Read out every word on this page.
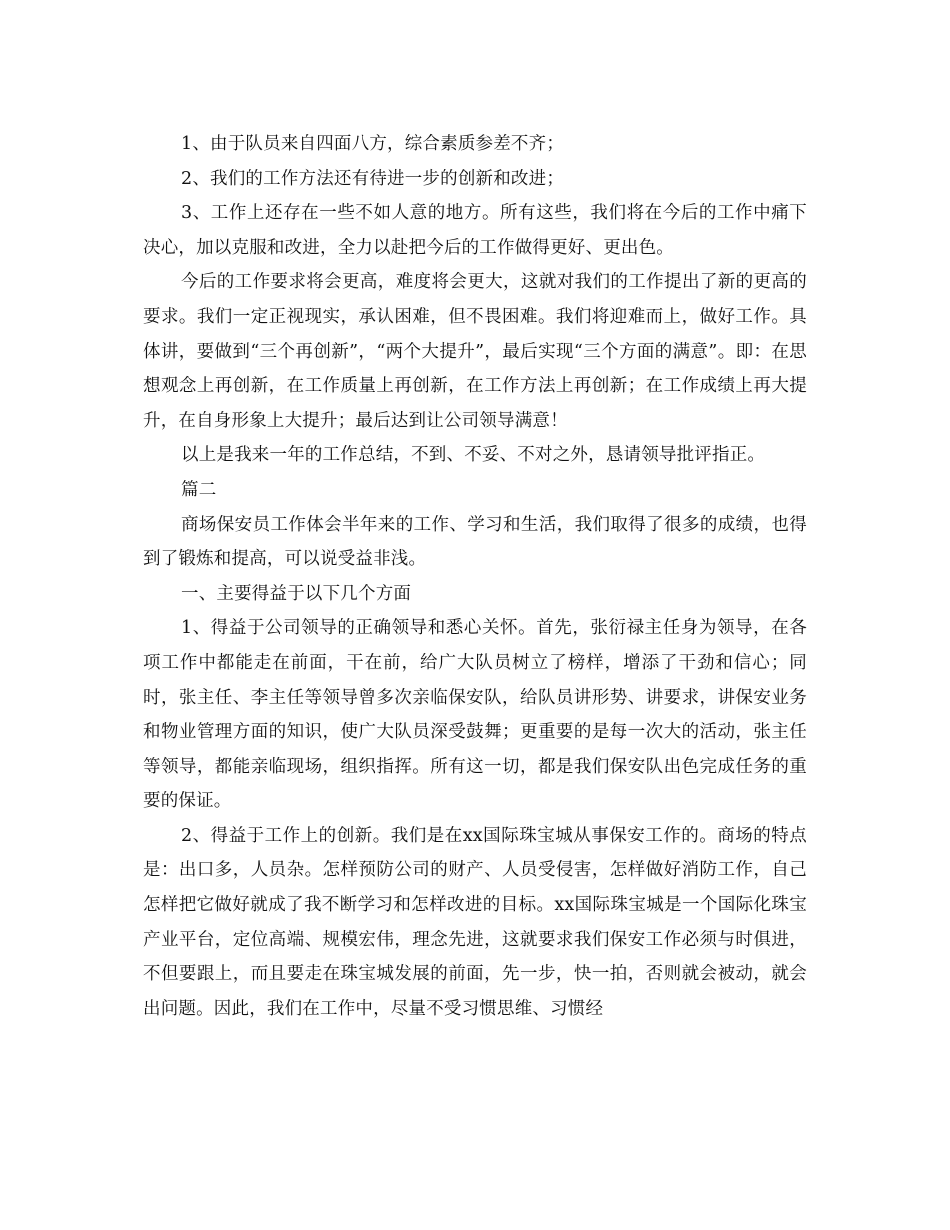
1、由于队员来自四面八方，综合素质参差不齐；

2、我们的工作方法还有待进一步的创新和改进；

3、工作上还存在一些不如人意的地方。所有这些，我们将在今后的工作中痛下决心，加以克服和改进，全力以赴把今后的工作做得更好、更出色。

今后的工作要求将会更高，难度将会更大，这就对我们的工作提出了新的更高的要求。我们一定正视现实，承认困难，但不畏困难。我们将迎难而上，做好工作。具体讲，要做到“三个再创新”，“两个大提升”，最后实现“三个方面的满意”。即：在思想观念上再创新，在工作质量上再创新，在工作方法上再创新；在工作成绩上再大提升，在自身形象上大提升；最后达到让公司领导满意！

以上是我来一年的工作总结，不到、不妥、不对之外，恳请领导批评指正。

篇二

商场保安员工作体会半年来的工作、学习和生活，我们取得了很多的成绩，也得到了锻炼和提高，可以说受益非浅。

一、主要得益于以下几个方面

1、得益于公司领导的正确领导和悉心关怀。首先，张衍禄主任身为领导，在各项工作中都能走在前面，干在前，给广大队员树立了榜样，增添了干劲和信心；同时，张主任、李主任等领导曾多次亲临保安队，给队员讲形势、讲要求，讲保安业务和物业管理方面的知识，使广大队员深受鼓舞；更重要的是每一次大的活动，张主任等领导，都能亲临现场，组织指挥。所有这一切，都是我们保安队出色完成任务的重要的保证。

2、得益于工作上的创新。我们是在xx国际珠宝城从事保安工作的。商场的特点是：出口多，人员杂。怎样预防公司的财产、人员受侵害，怎样做好消防工作，自己怎样把它做好就成了我不断学习和怎样改进的目标。xx国际珠宝城是一个国际化珠宝产业平台，定位高端、规模宏伟，理念先进，这就要求我们保安工作必须与时俱进，不但要跟上，而且要走在珠宝城发展的前面，先一步，快一拍，否则就会被动，就会出问题。因此，我们在工作中，尽量不受习惯思维、习惯经
